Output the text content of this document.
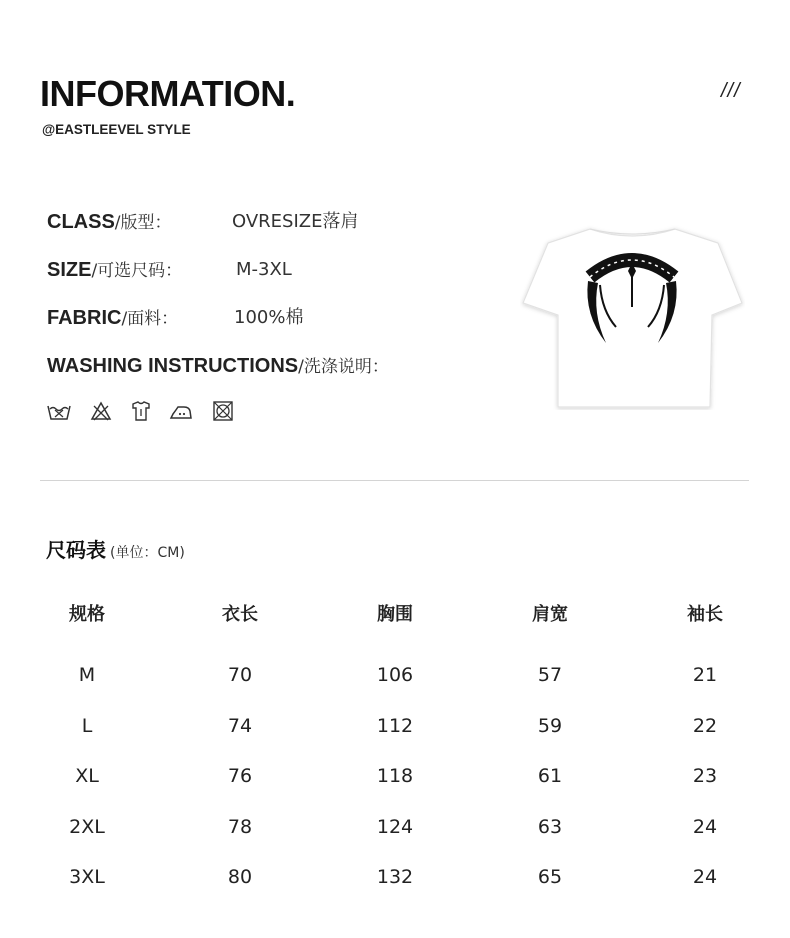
INFORMATION.
@EASTLEEVEL STYLE
///
CLASS/版型：	OVRESIZE落肩
SIZE/可选尺码：	M-3XL
FABRIC/面料：	100%棉
WASHING INSTRUCTIONS/洗涤说明：
尺码表 (单位：CM)
规格	衣长	胸围	肩宽	袖长
M	70	106	57	21
L	74	112	59	22
XL	76	118	61	23
2XL	78	124	63	24
3XL	80	132	65	24
